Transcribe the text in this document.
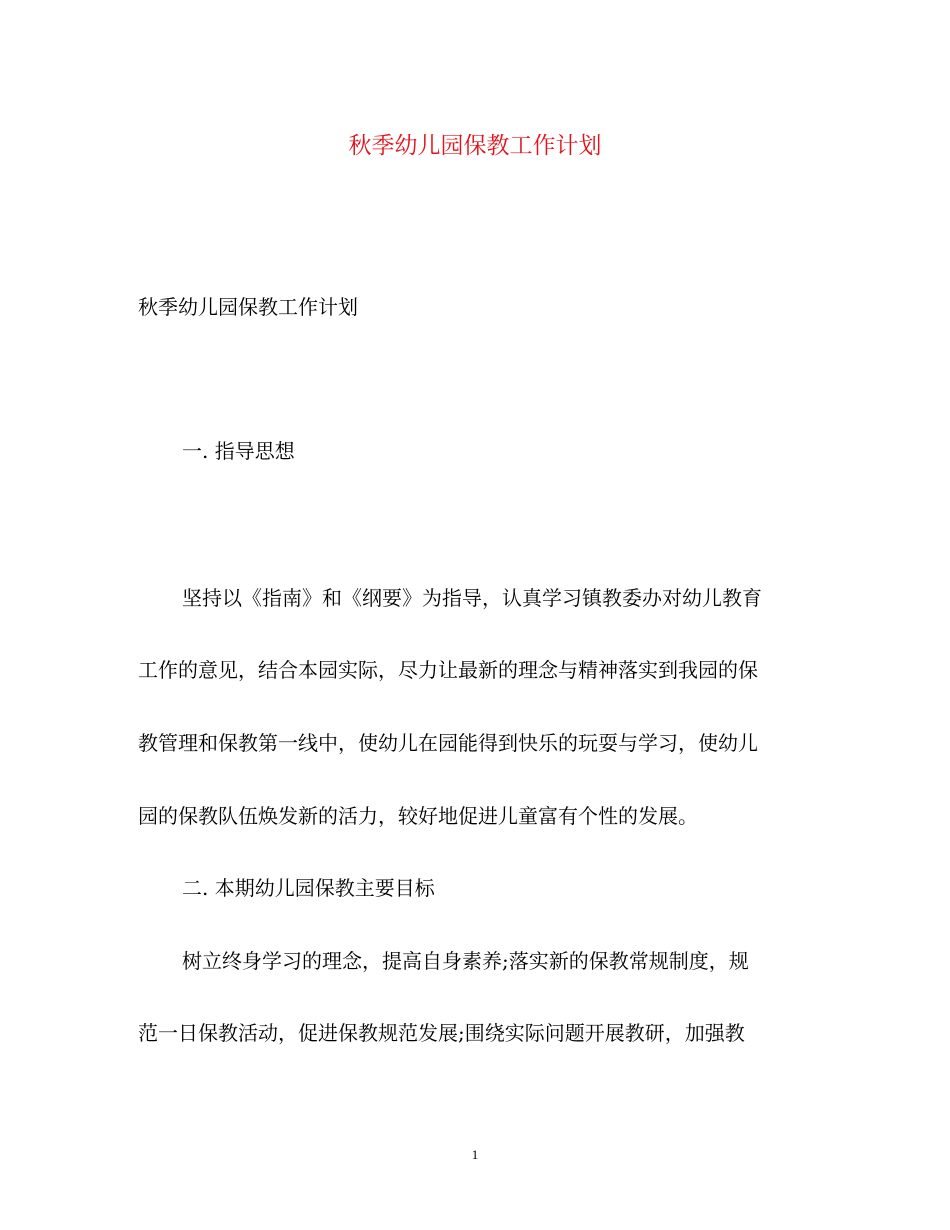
秋季幼儿园保教工作计划
秋季幼儿园保教工作计划
一. 指导思想
坚持以《指南》和《纲要》为指导，认真学习镇教委办对幼儿教育
工作的意见，结合本园实际，尽力让最新的理念与精神落实到我园的保
教管理和保教第一线中，使幼儿在园能得到快乐的玩耍与学习，使幼儿
园的保教队伍焕发新的活力，较好地促进儿童富有个性的发展。
二. 本期幼儿园保教主要目标
树立终身学习的理念，提高自身素养;落实新的保教常规制度，规
范一日保教活动，促进保教规范发展;围绕实际问题开展教研，加强教
1
